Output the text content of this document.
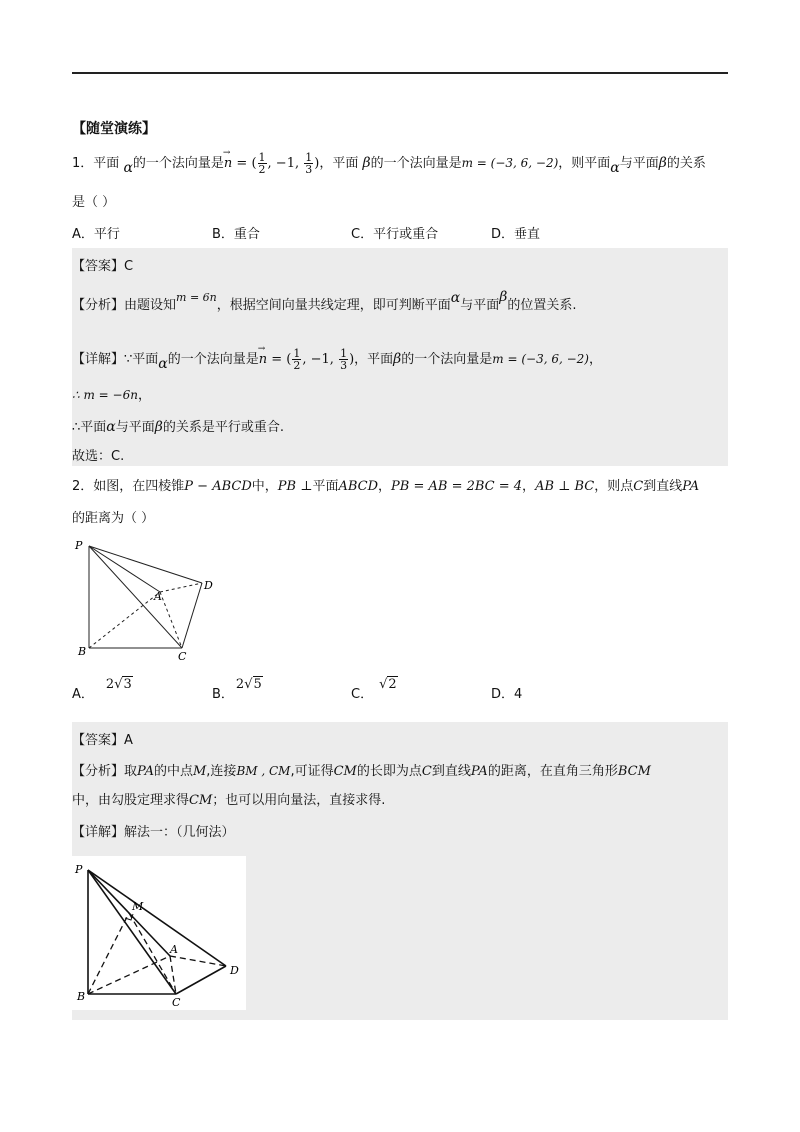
【随堂演练】
1．平面 α的一个法向量是→ n = ( $\frac{1}{2}$ , −1, $\frac{1}{3}$ )，平面 β的一个法向量是m = (−3, 6, −2)，则平面α与平面β的关系
是（ ）
A．平行	B．重合	C．平行或重合	D．垂直
【答案】C
【分析】由题设知$^{m = 6n}$，根据空间向量共线定理，即可判断平面α与平面β的位置关系.
【详解】∵平面α的一个法向量是→ n = ( $\frac{1}{2}$ , −1, $\frac{1}{3}$ )，平面β的一个法向量是m = (−3, 6, −2)，
∴ m = −6n，
∴平面α与平面β的关系是平行或重合.
故选：C.
2．如图，在四棱锥P − ABCD中，PB ⊥平面ABCD，PB = AB = 2BC = 4，AB ⊥ BC，则点C到直线PA
的距离为（ ）
P
A
D
B	C
A．2√3
B．2√5
C．√2
D．4
【答案】A
【分析】取PA的中点M,连接BM , CM,可证得CM的长即为点C到直线PA的距离，在直角三角形BCM
中，由勾股定理求得CM；也可以用向量法，直接求得.
【详解】解法一：（几何法）
P
M
A
D
B	C
